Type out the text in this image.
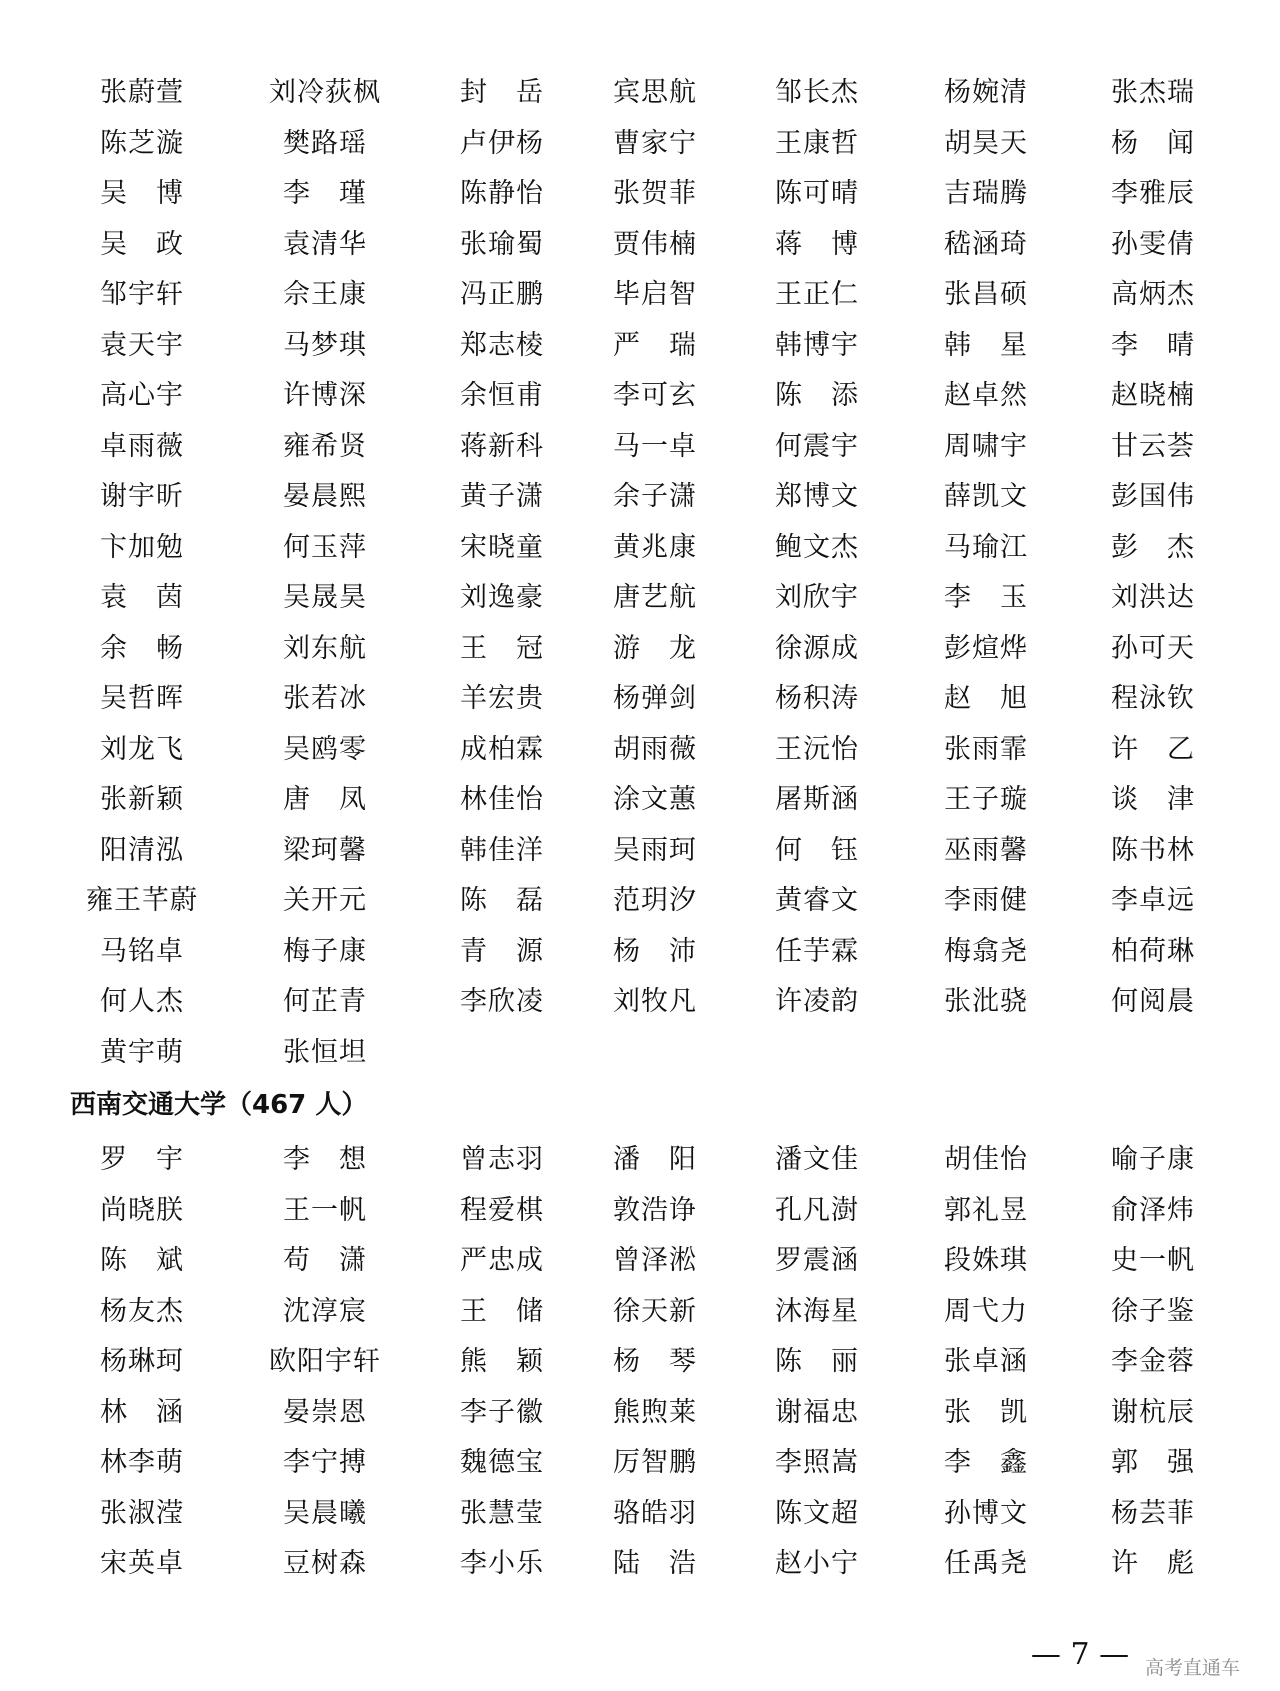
张蔚萱	刘冷荻枫	封　岳	宾思航	邹长杰	杨婉清	张杰瑞
陈芝漩	樊路瑶	卢伊杨	曹家宁	王康哲	胡昊天	杨　闻
吴　博	李　瑾	陈静怡	张贺菲	陈可晴	吉瑞腾	李雅辰
吴　政	袁清华	张瑜蜀	贾伟楠	蒋　博	嵇涵琦	孙雯倩
邹宇轩	佘王康	冯正鹏	毕启智	王正仁	张昌硕	高炳杰
袁天宇	马梦琪	郑志棱	严　瑞	韩博宇	韩　星	李　晴
高心宇	许博深	余恒甫	李可玄	陈　添	赵卓然	赵晓楠
卓雨薇	雍希贤	蒋新科	马一卓	何震宇	周啸宇	甘云荟
谢宇昕	晏晨熙	黄子潇	余子潇	郑博文	薛凯文	彭国伟
卞加勉	何玉萍	宋晓童	黄兆康	鲍文杰	马瑜江	彭　杰
袁　茵	吴晟昊	刘逸豪	唐艺航	刘欣宇	李　玉	刘洪达
余　畅	刘东航	王　冠	游　龙	徐源成	彭煊烨	孙可天
吴哲晖	张若冰	羊宏贵	杨弹剑	杨积涛	赵　旭	程泳钦
刘龙飞	吴鸥零	成柏霖	胡雨薇	王沅怡	张雨霏	许　乙
张新颖	唐　凤	林佳怡	涂文蕙	屠斯涵	王子璇	谈　津
阳清泓	梁珂馨	韩佳洋	吴雨珂	何　钰	巫雨馨	陈书林
雍王芊蔚	关开元	陈　磊	范玥汐	黄睿文	李雨健	李卓远
马铭卓	梅子康	青　源	杨　沛	任芋霖	梅翕尧	柏荷琳
何人杰	何芷青	李欣凌	刘牧凡	许凌韵	张沘骁	何阅晨
黄宇萌	张恒坦
西南交通大学（467 人）
罗　宇	李　想	曾志羽	潘　阳	潘文佳	胡佳怡	喻子康
尚晓朕	王一帆	程爱棋	敦浩诤	孔凡澍	郭礼昱	俞泽炜
陈　斌	苟　潇	严忠成	曾泽淞	罗震涵	段姝琪	史一帆
杨友杰	沈淳宸	王　储	徐天新	沐海星	周弋力	徐子鉴
杨琳珂	欧阳宇轩	熊　颖	杨　琴	陈　丽	张卓涵	李金蓉
林　涵	晏崇恩	李子徽	熊煦莱	谢福忠	张　凯	谢杭辰
林李萌	李宁搏	魏德宝	厉智鹏	李照嵩	李　鑫	郭　强
张淑滢	吴晨曦	张慧莹	骆皓羽	陈文超	孙博文	杨芸菲
宋英卓	豆树森	李小乐	陆　浩	赵小宁	任禹尧	许　彪
— 7 — 高考直通车
